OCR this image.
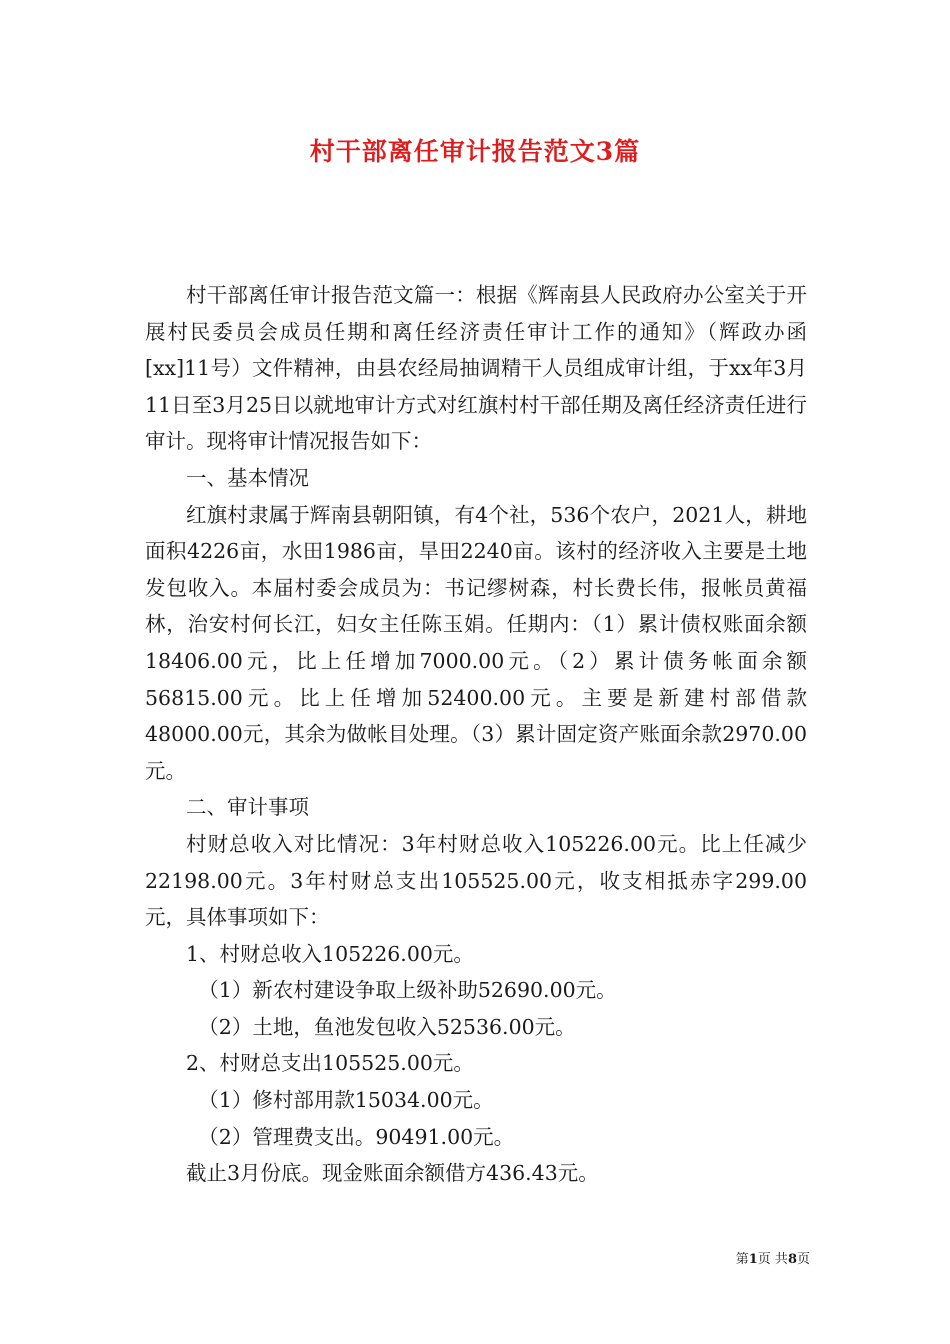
村干部离任审计报告范文3篇

村干部离任审计报告范文篇一：根据《辉南县人民政府办公室关于开展村民委员会成员任期和离任经济责任审计工作的通知》（辉政办函[xx]11号）文件精神，由县农经局抽调精干人员组成审计组，于xx年3月11日至3月25日以就地审计方式对红旗村村干部任期及离任经济责任进行审计。现将审计情况报告如下：

一、基本情况

红旗村隶属于辉南县朝阳镇，有4个社，536个农户，2021人，耕地面积4226亩，水田1986亩，旱田2240亩。该村的经济收入主要是土地发包收入。本届村委会成员为：书记缪树森，村长费长伟，报帐员黄福林，治安村何长江，妇女主任陈玉娟。任期内：（1）累计债权账面余额18406.00元，比上任增加7000.00元。（2）累计债务帐面余额56815.00元。比上任增加52400.00元。主要是新建村部借款48000.00元，其余为做帐目处理。（3）累计固定资产账面余款2970.00元。

二、审计事项

村财总收入对比情况：3年村财总收入105226.00元。比上任减少22198.00元。3年村财总支出105525.00元，收支相抵赤字299.00元，具体事项如下：

1、村财总收入105226.00元。

（1）新农村建设争取上级补助52690.00元。

（2）土地，鱼池发包收入52536.00元。

2、村财总支出105525.00元。

（1）修村部用款15034.00元。

（2）管理费支出。90491.00元。

截止3月份底。现金账面余额借方436.43元。

第1页 共8页
